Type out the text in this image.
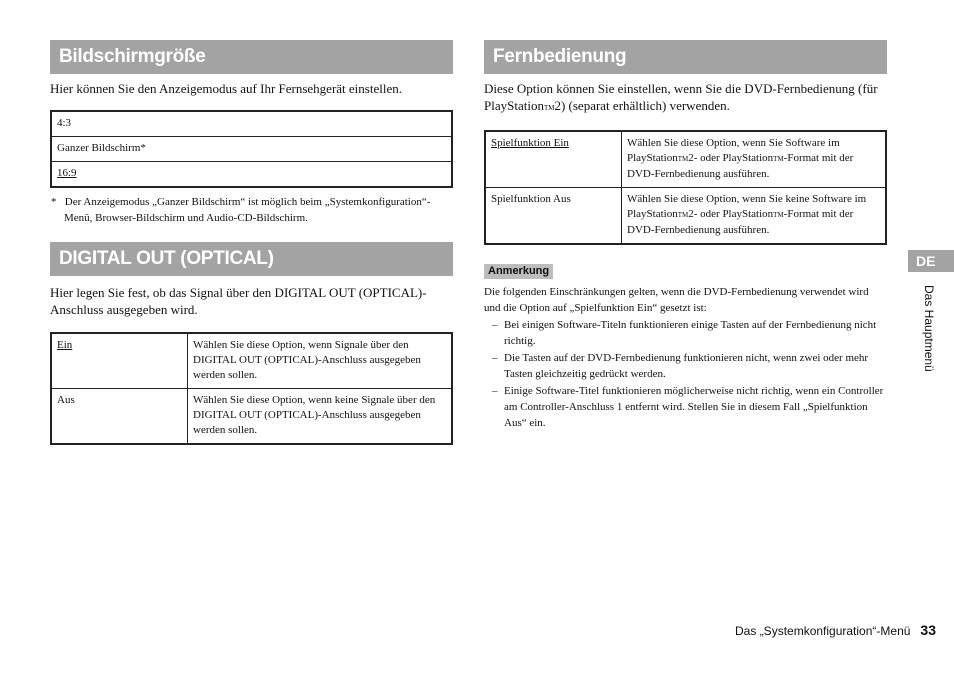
Bildschirmgröße

Hier können Sie den Anzeigemodus auf Ihr Fernsehgerät einstellen.

4:3
Ganzer Bildschirm*
16:9
* Der Anzeigemodus „Ganzer Bildschirm“ ist möglich beim „Systemkonfiguration“-Menü, Browser-Bildschirm und Audio-CD-Bildschirm.
DIGITAL OUT (OPTICAL)

Hier legen Sie fest, ob das Signal über den DIGITAL OUT (OPTICAL)-Anschluss ausgegeben wird.

Ein	Wählen Sie diese Option, wenn Signale über den DIGITAL OUT (OPTICAL)-Anschluss ausgegeben werden sollen.
Aus	Wählen Sie diese Option, wenn keine Signale über den DIGITAL OUT (OPTICAL)-Anschluss ausgegeben werden sollen.
Fernbedienung

Diese Option können Sie einstellen, wenn Sie die DVD-Fernbedienung (für PlayStationTM2) (separat erhältlich) verwenden.

Spielfunktion Ein	Wählen Sie diese Option, wenn Sie Software im PlayStationTM2- oder PlayStationTM-Format mit der DVD-Fernbedienung ausführen.
Spielfunktion Aus	Wählen Sie diese Option, wenn Sie keine Software im PlayStationTM2- oder PlayStationTM-Format mit der DVD-Fernbedienung ausführen.
Anmerkung
Die folgenden Einschränkungen gelten, wenn die DVD-Fernbedienung verwendet wird und die Option auf „Spielfunktion Ein“ gesetzt ist:
– Bei einigen Software-Titeln funktionieren einige Tasten auf der Fernbedienung nicht richtig.
– Die Tasten auf der DVD-Fernbedienung funktionieren nicht, wenn zwei oder mehr Tasten gleichzeitig gedrückt werden.
– Einige Software-Titel funktionieren möglicherweise nicht richtig, wenn ein Controller am Controller-Anschluss 1 entfernt wird. Stellen Sie in diesem Fall „Spielfunktion Aus“ ein.
DE
Das Hauptmenü
Das „Systemkonfiguration“-Menü 33
